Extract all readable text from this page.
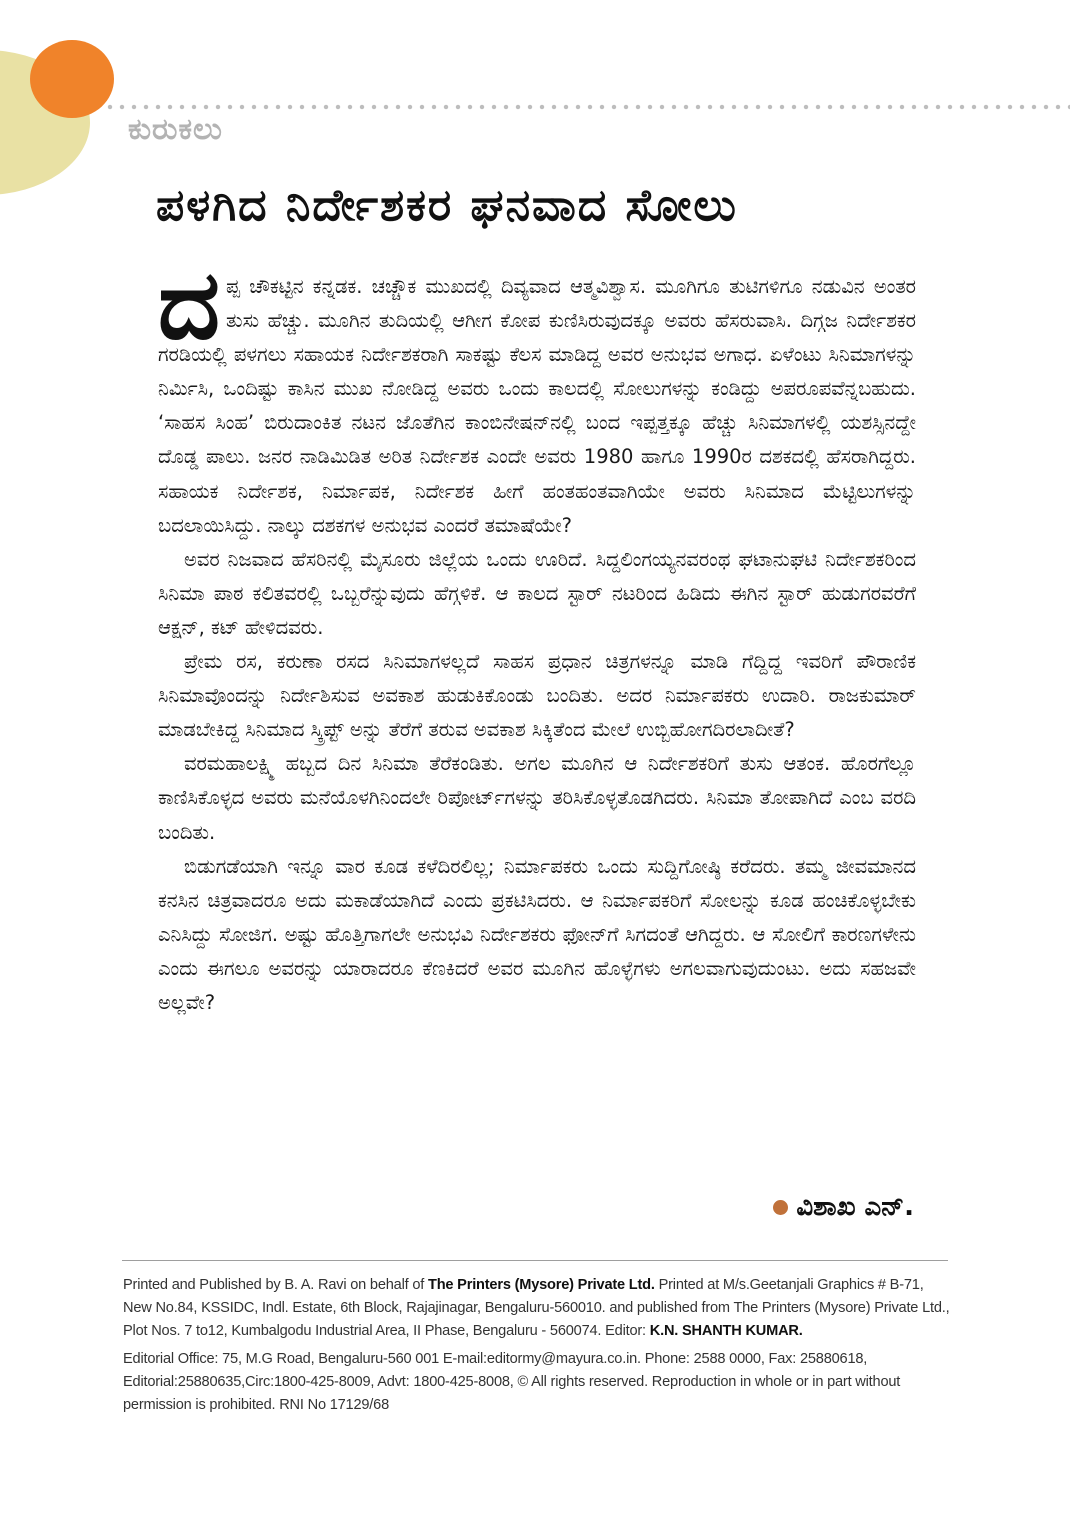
ಕುರುಕಲು
ಪಳಗಿದ ನಿರ್ದೇಶಕರ ಘನವಾದ ಸೋಲು

ದಪ್ಪ ಚೌಕಟ್ಟಿನ ಕನ್ನಡಕ. ಚಚ್ಚೌಕ ಮುಖದಲ್ಲಿ ದಿವ್ಯವಾದ ಆತ್ಮವಿಶ್ವಾಸ. ಮೂಗಿಗೂ ತುಟಿಗಳಿಗೂ ನಡುವಿನ ಅಂತರ ತುಸು ಹೆಚ್ಚು. ಮೂಗಿನ ತುದಿಯಲ್ಲಿ ಆಗೀಗ ಕೋಪ ಕುಣಿಸಿರುವುದಕ್ಕೂ ಅವರು ಹೆಸರುವಾಸಿ. ದಿಗ್ಗಜ ನಿರ್ದೇಶಕರ ಗರಡಿಯಲ್ಲಿ ಪಳಗಲು ಸಹಾಯಕ ನಿರ್ದೇಶಕರಾಗಿ ಸಾಕಷ್ಟು ಕೆಲಸ ಮಾಡಿದ್ದ ಅವರ ಅನುಭವ ಅಗಾಧ. ಏಳೆಂಟು ಸಿನಿಮಾಗಳನ್ನು ನಿರ್ಮಿಸಿ, ಒಂದಿಷ್ಟು ಕಾಸಿನ ಮುಖ ನೋಡಿದ್ದ ಅವರು ಒಂದು ಕಾಲದಲ್ಲಿ ಸೋಲುಗಳನ್ನು ಕಂಡಿದ್ದು ಅಪರೂಪವೆನ್ನಬಹುದು. ‘ಸಾಹಸ ಸಿಂಹ’ ಬಿರುದಾಂಕಿತ ನಟನ ಜೊತೆಗಿನ ಕಾಂಬಿನೇಷನ್‌ನಲ್ಲಿ ಬಂದ ಇಪ್ಪತ್ತಕ್ಕೂ ಹೆಚ್ಚು ಸಿನಿಮಾಗಳಲ್ಲಿ ಯಶಸ್ಸಿನದ್ದೇ ದೊಡ್ಡ ಪಾಲು. ಜನರ ನಾಡಿಮಿಡಿತ ಅರಿತ ನಿರ್ದೇಶಕ ಎಂದೇ ಅವರು 1980 ಹಾಗೂ 1990ರ ದಶಕದಲ್ಲಿ ಹೆಸರಾಗಿದ್ದರು. ಸಹಾಯಕ ನಿರ್ದೇಶಕ, ನಿರ್ಮಾಪಕ, ನಿರ್ದೇಶಕ ಹೀಗೆ ಹಂತಹಂತವಾಗಿಯೇ ಅವರು ಸಿನಿಮಾದ ಮೆಟ್ಟಿಲುಗಳನ್ನು ಬದಲಾಯಿಸಿದ್ದು. ನಾಲ್ಕು ದಶಕಗಳ ಅನುಭವ ಎಂದರೆ ತಮಾಷೆಯೇ?

ಅವರ ನಿಜವಾದ ಹೆಸರಿನಲ್ಲಿ ಮೈಸೂರು ಜಿಲ್ಲೆಯ ಒಂದು ಊರಿದೆ. ಸಿದ್ದಲಿಂಗಯ್ಯನವರಂಥ ಘಟಾನುಘಟಿ ನಿರ್ದೇಶಕರಿಂದ ಸಿನಿಮಾ ಪಾಠ ಕಲಿತವರಲ್ಲಿ ಒಬ್ಬರೆನ್ನುವುದು ಹೆಗ್ಗಳಿಕೆ. ಆ ಕಾಲದ ಸ್ಟಾರ್ ನಟರಿಂದ ಹಿಡಿದು ಈಗಿನ ಸ್ಟಾರ್ ಹುಡುಗರವರೆಗೆ ಆಕ್ಷನ್, ಕಟ್ ಹೇಳಿದವರು.

ಪ್ರೇಮ ರಸ, ಕರುಣಾ ರಸದ ಸಿನಿಮಾಗಳಲ್ಲದೆ ಸಾಹಸ ಪ್ರಧಾನ ಚಿತ್ರಗಳನ್ನೂ ಮಾಡಿ ಗೆದ್ದಿದ್ದ ಇವರಿಗೆ ಪೌರಾಣಿಕ ಸಿನಿಮಾವೊಂದನ್ನು ನಿರ್ದೇಶಿಸುವ ಅವಕಾಶ ಹುಡುಕಿಕೊಂಡು ಬಂದಿತು. ಅದರ ನಿರ್ಮಾಪಕರು ಉದಾರಿ. ರಾಜಕುಮಾರ್ ಮಾಡಬೇಕಿದ್ದ ಸಿನಿಮಾದ ಸ್ಕ್ರಿಪ್ಟ್ ಅನ್ನು ತೆರೆಗೆ ತರುವ ಅವಕಾಶ ಸಿಕ್ಕಿತೆಂದ ಮೇಲೆ ಉಬ್ಬಿಹೋಗದಿರಲಾದೀತೆ?

ವರಮಹಾಲಕ್ಷ್ಮಿ ಹಬ್ಬದ ದಿನ ಸಿನಿಮಾ ತೆರೆಕಂಡಿತು. ಅಗಲ ಮೂಗಿನ ಆ ನಿರ್ದೇಶಕರಿಗೆ ತುಸು ಆತಂಕ. ಹೊರಗೆಲ್ಲೂ ಕಾಣಿಸಿಕೊಳ್ಳದ ಅವರು ಮನೆಯೊಳಗಿನಿಂದಲೇ ರಿಪೋರ್ಟ್‌ಗಳನ್ನು ತರಿಸಿಕೊಳ್ಳತೊಡಗಿದರು. ಸಿನಿಮಾ ತೋಪಾಗಿದೆ ಎಂಬ ವರದಿ ಬಂದಿತು.

ಬಿಡುಗಡೆಯಾಗಿ ಇನ್ನೂ ವಾರ ಕೂಡ ಕಳೆದಿರಲಿಲ್ಲ; ನಿರ್ಮಾಪಕರು ಒಂದು ಸುದ್ದಿಗೋಷ್ಠಿ ಕರೆದರು. ತಮ್ಮ ಜೀವಮಾನದ ಕನಸಿನ ಚಿತ್ರವಾದರೂ ಅದು ಮಕಾಡೆಯಾಗಿದೆ ಎಂದು ಪ್ರಕಟಿಸಿದರು. ಆ ನಿರ್ಮಾಪಕರಿಗೆ ಸೋಲನ್ನು ಕೂಡ ಹಂಚಿಕೊಳ್ಳಬೇಕು ಎನಿಸಿದ್ದು ಸೋಜಿಗ. ಅಷ್ಟು ಹೊತ್ತಿಗಾಗಲೇ ಅನುಭವಿ ನಿರ್ದೇಶಕರು ಫೋನ್‌ಗೆ ಸಿಗದಂತೆ ಆಗಿದ್ದರು. ಆ ಸೋಲಿಗೆ ಕಾರಣಗಳೇನು ಎಂದು ಈಗಲೂ ಅವರನ್ನು ಯಾರಾದರೂ ಕೆಣಕಿದರೆ ಅವರ ಮೂಗಿನ ಹೊಳ್ಳೆಗಳು ಅಗಲವಾಗುವುದುಂಟು. ಅದು ಸಹಜವೇ ಅಲ್ಲವೇ?

ವಿಶಾಖ ಎನ್.

Printed and Published by B. A. Ravi on behalf of The Printers (Mysore) Private Ltd. Printed at M/s.Geetanjali Graphics # B-71, New No.84, KSSIDC, Indl. Estate, 6th Block, Rajajinagar, Bengaluru-560010. and published from The Printers (Mysore) Private Ltd., Plot Nos. 7 to12, Kumbalgodu Industrial Area, II Phase, Bengaluru - 560074. Editor: K.N. SHANTH KUMAR.

Editorial Office: 75, M.G Road, Bengaluru-560 001 E-mail:editormy@mayura.co.in. Phone: 2588 0000, Fax: 25880618, Editorial:25880635,Circ:1800-425-8009, Advt: 1800-425-8008, © All rights reserved. Reproduction in whole or in part without permission is prohibited. RNI No 17129/68
